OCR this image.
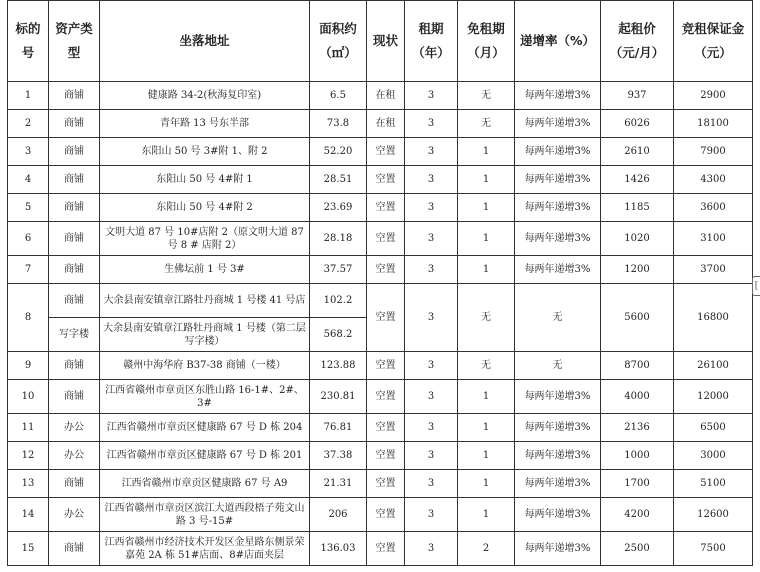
标的号	资产类型	坐落地址	面积约（㎡）	现状	租期（年）	免租期（月）	递增率（%）	起租价（元/月）	竞租保证金（元）
1	商铺	健康路 34-2(秋海复印室)	6.5	在租	3	无	每两年递增3%	937	2900
2	商铺	青年路 13 号东半部	73.8	在租	3	无	每两年递增3%	6026	18100
3	商铺	东阳山 50 号 3#附 1、附 2	52.20	空置	3	1	每两年递增3%	2610	7900
4	商铺	东阳山 50 号 4#附 1	28.51	空置	3	1	每两年递增3%	1426	4300
5	商铺	东阳山 50 号 4#附 2	23.69	空置	3	1	每两年递增3%	1185	3600
6	商铺	文明大道 87 号 10#店附 2（原文明大道 87 号 8 # 店附 2）	28.18	空置	3	1	每两年递增3%	1020	3100
7	商铺	生佛坛前 1 号 3#	37.57	空置	3	1	每两年递增3%	1200	3700
8	商铺	大余县南安镇章江路牡丹商城 1 号楼 41 号店	102.2	空置	3	无	无	5600	16800
	写字楼	大余县南安镇章江路牡丹商城 1 号楼（第二层写字楼）	568.2						
9	商铺	赣州中海华府 B37-38 商铺（一楼）	123.88	空置	3	无	无	8700	26100
10	商铺	江西省赣州市章贡区东胜山路 16-1#、2#、3#	230.81	空置	3	1	每两年递增3%	4000	12000
11	办公	江西省赣州市章贡区健康路 67 号 D 栋 204	76.81	空置	3	1	每两年递增3%	2136	6500
12	办公	江西省赣州市章贡区健康路 67 号 D 栋 201	37.38	空置	3	1	每两年递增3%	1000	3000
13	商铺	江西省赣州市章贡区健康路 67 号 A9	21.31	空置	3	1	每两年递增3%	1700	5100
14	办公	江西省赣州市章贡区滨江大道西段梧子苑文山路 3 号-15#	206	空置	3	1	每两年递增3%	4200	12600
15	商铺	江西省赣州市经济技术开发区金星路东侧景荣嘉苑 2A 栋 51#店面、8#店面夹层	136.03	空置	3	2	每两年递增3%	2500	7500
[
